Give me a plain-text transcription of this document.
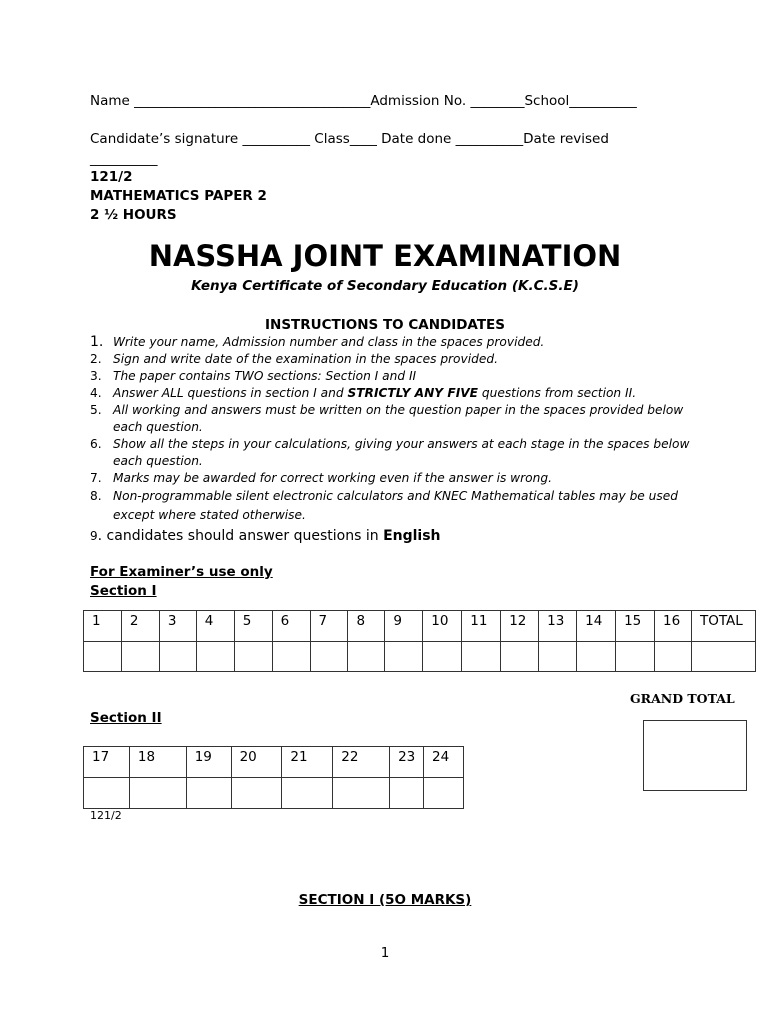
Name ___________________________________Admission No. ________School__________
Candidate’s signature __________ Class____ Date done __________Date revised
__________
121/2
MATHEMATICS PAPER 2
2 ½ HOURS
NASSHA JOINT EXAMINATION
Kenya Certificate of Secondary Education (K.C.S.E)
INSTRUCTIONS TO CANDIDATES
1. Write your name, Admission number and class in the spaces provided.
2. Sign and write date of the examination in the spaces provided.
3. The paper contains TWO sections: Section I and II
4. Answer ALL questions in section I and STRICTLY ANY FIVE questions from section II.
5. All working and answers must be written on the question paper in the spaces provided below each question.
6. Show all the steps in your calculations, giving your answers at each stage in the spaces below each question.
7. Marks may be awarded for correct working even if the answer is wrong.
8. Non-programmable silent electronic calculators and KNEC Mathematical tables may be used except where stated otherwise.
9. candidates should answer questions in English
For Examiner’s use only
Section I
1	2	3	4	5	6	7	8	9	10	11	12	13	14	15	16	TOTAL

GRAND TOTAL
Section II
17	18	19	20	21	22	23	24

121/2
SECTION I (5O MARKS)
1
